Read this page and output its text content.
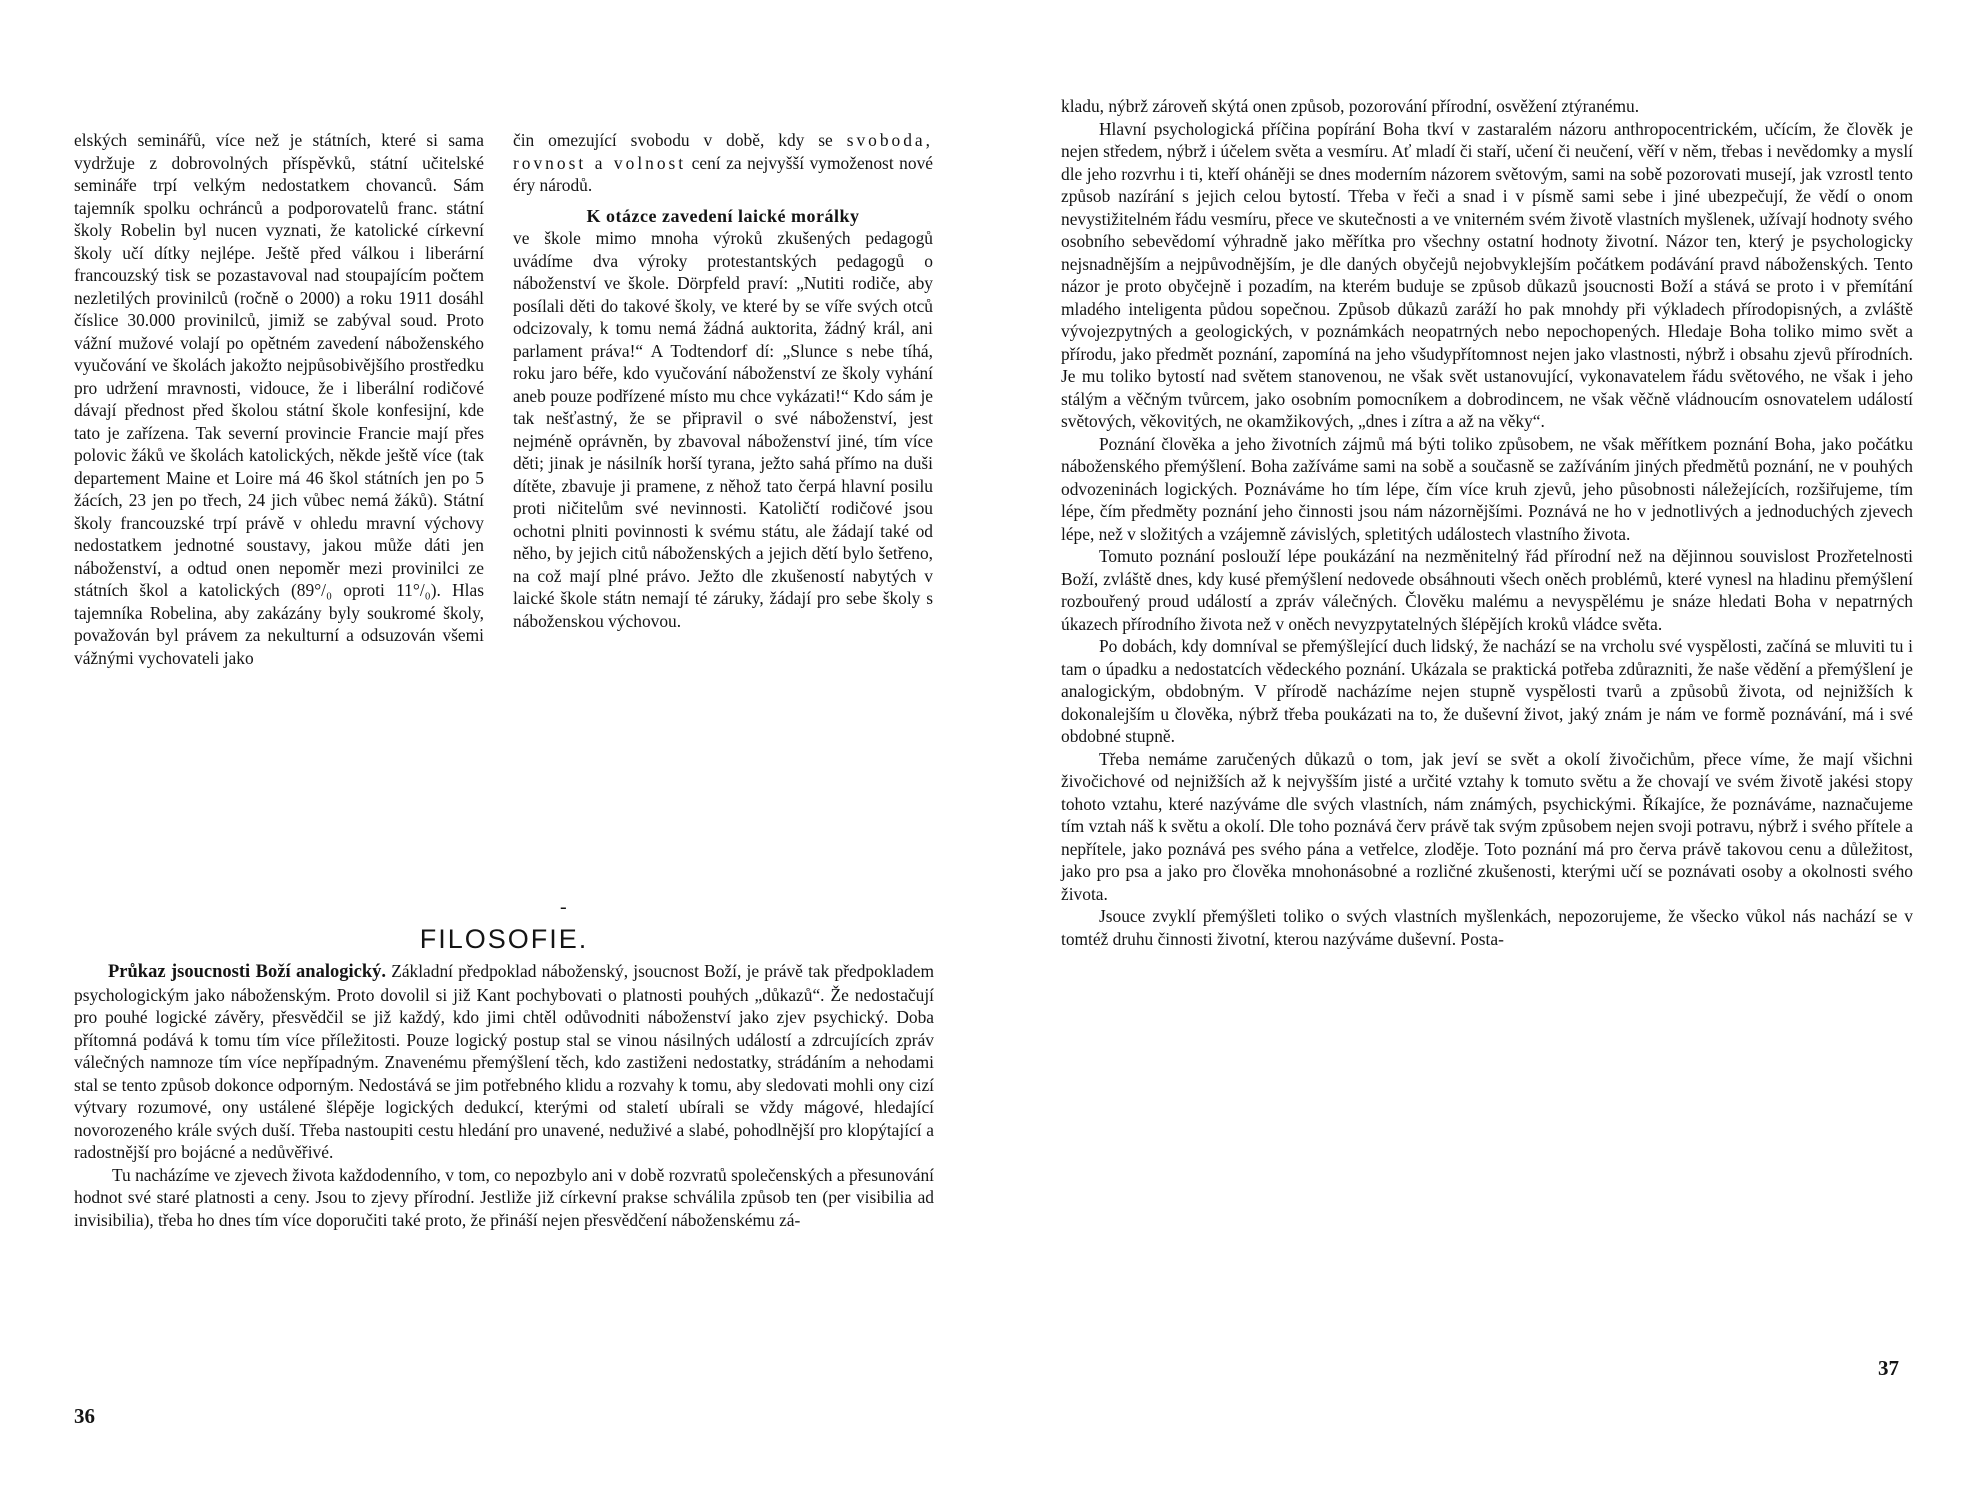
elských seminářů, více než je státních, které si sama vydržuje z dobrovolných příspěvků, státní učitelské semináře trpí velkým nedostatkem chovanců. Sám tajemník spolku ochránců a podporovatelů franc. státní školy Robelin byl nucen vyznati, že katolické církevní školy učí dítky nejlépe. Ještě před válkou i liberární francouzský tisk se pozastavoval nad stoupajícím počtem nezletilých provinilců (ročně o 2000) a roku 1911 dosáhl číslice 30.000 provinilců, jimiž se zabýval soud. Proto vážní mužové volají po opětném zavedení náboženského vyučování ve školách jakožto nejpůsobivějšího prostředku pro udržení mravnosti, vidouce, že i liberální rodičové dávají přednost před školou státní škole konfesijní, kde tato je zařízena. Tak severní provincie Francie mají přes polovic žáků ve školách katolických, někde ještě více (tak departement Maine et Loire má 46 škol státních jen po 5 žácích, 23 jen po třech, 24 jich vůbec nemá žáků). Státní školy francouzské trpí právě v ohledu mravní výchovy nedostatkem jednotné soustavy, jakou může dáti jen náboženství, a odtud onen nepoměr mezi provinilci ze státních škol a katolických (89°/₀ oproti 11°/₀). Hlas tajemníka Robelina, aby zakázány byly soukromé školy, považován byl právem za nekulturní a odsuzován všemi vážnými vychovateli jako

čin omezující svobodu v době, kdy se svoboda, rovnost a volnost cení za nejvyšší vymoženost nové éry národů.

K otázce zavedení laické morálky

ve škole mimo mnoha výroků zkušených pedagogů uvádíme dva výroky protestantských pedagogů o náboženství ve škole. Dörpfeld praví: „Nutiti rodiče, aby posílali děti do takové školy, ve které by se víře svých otců odcizovaly, k tomu nemá žádná auktorita, žádný král, ani parlament práva!“ A Todtendorf dí: „Slunce s nebe tíhá, roku jaro béře, kdo vyučování náboženství ze školy vyhání aneb pouze podřízené místo mu chce vykázati!“ Kdo sám je tak nešťastný, že se připravil o své náboženství, jest nejméně oprávněn, by zbavoval náboženství jiné, tím více děti; jinak je násilník horší tyrana, ježto sahá přímo na duši dítěte, zbavuje ji pramene, z něhož tato čerpá hlavní posilu proti ničitelům své nevinnosti. Katoličtí rodičové jsou ochotni plniti povinnosti k svému státu, ale žádají také od něho, by jejich citů náboženských a jejich dětí bylo šetřeno, na což mají plné právo. Ježto dle zkušeností nabytých v laické škole státn nemají té záruky, žádají pro sebe školy s náboženskou výchovou.

-
FILOSOFIE.

Průkaz jsoucnosti Boží analogický. Základní předpoklad náboženský, jsoucnost Boží, je právě tak předpokladem psychologickým jako náboženským. Proto dovolil si již Kant pochybovati o platnosti pouhých „důkazů“. Že nedostačují pro pouhé logické závěry, přesvědčil se již každý, kdo jimi chtěl odůvodniti náboženství jako zjev psychický. Doba přítomná podává k tomu tím více příležitosti. Pouze logický postup stal se vinou násilných událostí a zdrcujících zpráv válečných namnoze tím více nepřípadným. Znavenému přemýšlení těch, kdo zastiženi nedostatky, strádáním a nehodami stal se tento způsob dokonce odporným. Nedostává se jim potřebného klidu a rozvahy k tomu, aby sledovati mohli ony cizí výtvary rozumové, ony ustálené šlépěje logických dedukcí, kterými od staletí ubírali se vždy mágové, hledající novorozeného krále svých duší. Třeba nastoupiti cestu hledání pro unavené, neduživé a slabé, pohodlnější pro klopýtající a radostnější pro bojácné a nedůvěřivé.

Tu nacházíme ve zjevech života každodenního, v tom, co nepozbylo ani v době rozvratů společenských a přesunování hodnot své staré platnosti a ceny. Jsou to zjevy přírodní. Jestliže již církevní prakse schválila způsob ten (per visibilia ad invisibilia), třeba ho dnes tím více doporučiti také proto, že přináší nejen přesvědčení náboženskému zá-

36

kladu, nýbrž zároveň skýtá onen způsob, pozorování přírodní, osvěžení ztýranému.

Hlavní psychologická příčina popírání Boha tkví v zastaralém názoru anthropocentrickém, učícím, že člověk je nejen středem, nýbrž i účelem světa a vesmíru. Ať mladí či staří, učení či neučení, věří v něm, třebas i nevědomky a myslí dle jeho rozvrhu i ti, kteří oháněji se dnes moderním názorem světovým, sami na sobě pozorovati musejí, jak vzrostl tento způsob nazírání s jejich celou bytostí. Třeba v řeči a snad i v písmě sami sebe i jiné ubezpečují, že vědí o onom nevystižitelném řádu vesmíru, přece ve skutečnosti a ve vniterném svém životě vlastních myšlenek, užívají hodnoty svého osobního sebevědomí výhradně jako měřítka pro všechny ostatní hodnoty životní. Názor ten, který je psychologicky nejsnadnějším a nejpůvodnějším, je dle daných obyčejů nejobvyklejším počátkem podávání pravd náboženských. Tento názor je proto obyčejně i pozadím, na kterém buduje se způsob důkazů jsoucnosti Boží a stává se proto i v přemítání mladého inteligenta půdou sopečnou. Způsob důkazů zaráží ho pak mnohdy při výkladech přírodopisných, a zvláště vývojezpytných a geologických, v poznámkách neopatrných nebo nepochopených. Hledaje Boha toliko mimo svět a přírodu, jako předmět poznání, zapomíná na jeho všudypřítomnost nejen jako vlastnosti, nýbrž i obsahu zjevů přírodních. Je mu toliko bytostí nad světem stanovenou, ne však svět ustanovující, vykonavatelem řádu světového, ne však i jeho stálým a věčným tvůrcem, jako osobním pomocníkem a dobrodincem, ne však věčně vládnoucím osnovatelem událostí světových, věkovitých, ne okamžikových, „dnes i zítra a až na věky“.

Poznání člověka a jeho životních zájmů má býti toliko způsobem, ne však měřítkem poznání Boha, jako počátku náboženského přemýšlení. Boha zažíváme sami na sobě a současně se zažíváním jiných předmětů poznání, ne v pouhých odvozeninách logických. Poznáváme ho tím lépe, čím více kruh zjevů, jeho působnosti náležejících, rozšiřujeme, tím lépe, čím předměty poznání jeho činnosti jsou nám názornějšími. Poznává ne ho v jednotlivých a jednoduchých zjevech lépe, než v složitých a vzájemně závislých, spletitých událostech vlastního života.

Tomuto poznání poslouží lépe poukázání na nezměnitelný řád přírodní než na dějinnou souvislost Prozřetelnosti Boží, zvláště dnes, kdy kusé přemýšlení nedovede obsáhnouti všech oněch problémů, které vynesl na hladinu přemýšlení rozbouřený proud událostí a zpráv válečných. Člověku malému a nevyspělému je snáze hledati Boha v nepatrných úkazech přírodního života než v oněch nevyzpytatelných šlépějích kroků vládce světa.

Po dobách, kdy domníval se přemýšlející duch lidský, že nachází se na vrcholu své vyspělosti, začíná se mluviti tu i tam o úpadku a nedostatcích vědeckého poznání. Ukázala se praktická potřeba zdůrazniti, že naše vědění a přemýšlení je analogickým, obdobným. V přírodě nacházíme nejen stupně vyspělosti tvarů a způsobů života, od nejnižších k dokonalejším u člověka, nýbrž třeba poukázati na to, že duševní život, jaký znám je nám ve formě poznávání, má i své obdobné stupně.

Třeba nemáme zaručených důkazů o tom, jak jeví se svět a okolí živočichům, přece víme, že mají všichni živočichové od nejnižších až k nejvyšším jisté a určité vztahy k tomuto světu a že chovají ve svém životě jakési stopy tohoto vztahu, které nazýváme dle svých vlastních, nám známých, psychickými. Říkajíce, že poznáváme, naznačujeme tím vztah náš k světu a okolí. Dle toho poznává červ právě tak svým způsobem nejen svoji potravu, nýbrž i svého přítele a nepřítele, jako poznává pes svého pána a vetřelce, zloděje. Toto poznání má pro červa právě takovou cenu a důležitost, jako pro psa a jako pro člověka mnohonásobné a rozličné zkušenosti, kterými učí se poznávati osoby a okolnosti svého života.

Jsouce zvyklí přemýšleti toliko o svých vlastních myšlenkách, nepozorujeme, že všecko vůkol nás nachází se v tomtéž druhu činnosti životní, kterou nazýváme duševní. Posta-

37
